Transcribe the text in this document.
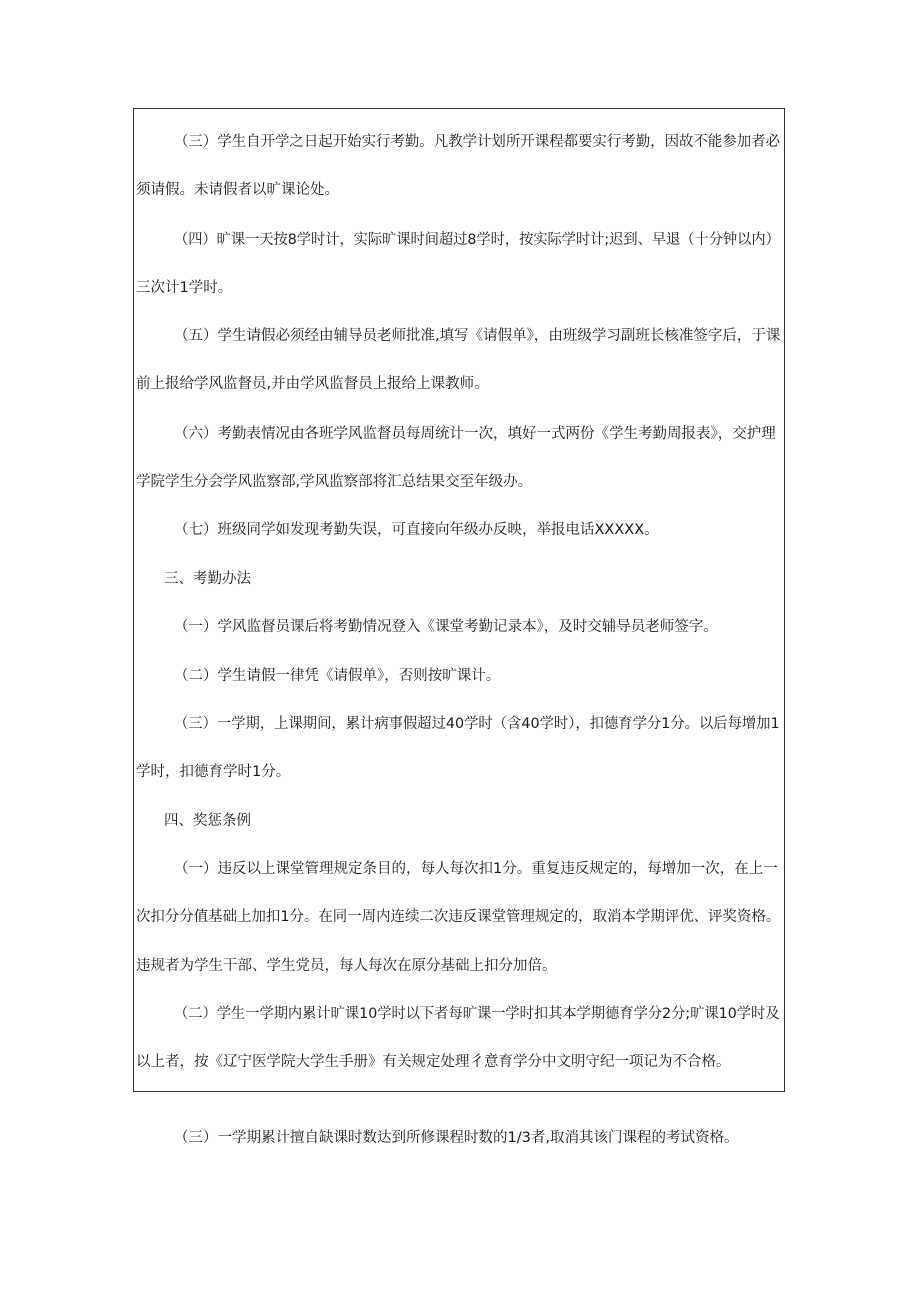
（三）学生自开学之日起开始实行考勤。凡教学计划所开课程都要实行考勤，因故不能参加者必
须请假。未请假者以旷课论处。
（四）旷课一天按8学时计，实际旷课时间超过8学时，按实际学时计;迟到、早退（十分钟以内）
三次计1学时。
（五）学生请假必须经由辅导员老师批准,填写《请假单》，由班级学习副班长核准签字后，于课
前上报给学风监督员,并由学风监督员上报给上课教师。
（六）考勤表情况由各班学风监督员每周统计一次，填好一式两份《学生考勤周报表》，交护理
学院学生分会学风监察部,学风监察部将汇总结果交至年级办。
（七）班级同学如发现考勤失误，可直接向年级办反映，举报电话XXXXX。
三、考勤办法
（一）学风监督员课后将考勤情况登入《课堂考勤记录本》，及时交辅导员老师签字。
（二）学生请假一律凭《请假单》，否则按旷课计。
（三）一学期，上课期间，累计病事假超过40学时（含40学时），扣德育学分1分。以后每增加1
学时，扣德育学时1分。
四、奖惩条例
（一）违反以上课堂管理规定条目的，每人每次扣1分。重复违反规定的，每增加一次，在上一
次扣分分值基础上加扣1分。在同一周内连续二次违反课堂管理规定的，取消本学期评优、评奖资格。
违规者为学生干部、学生党员，每人每次在原分基础上扣分加倍。
（二）学生一学期内累计旷课10学时以下者每旷课一学时扣其本学期德育学分2分;旷课10学时及
以上者，按《辽宁医学院大学生手册》有关规定处理彳意育学分中文明守纪一项记为不合格。
（三）一学期累计擅自缺课时数达到所修课程时数的1/3者,取消其该门课程的考试资格。
